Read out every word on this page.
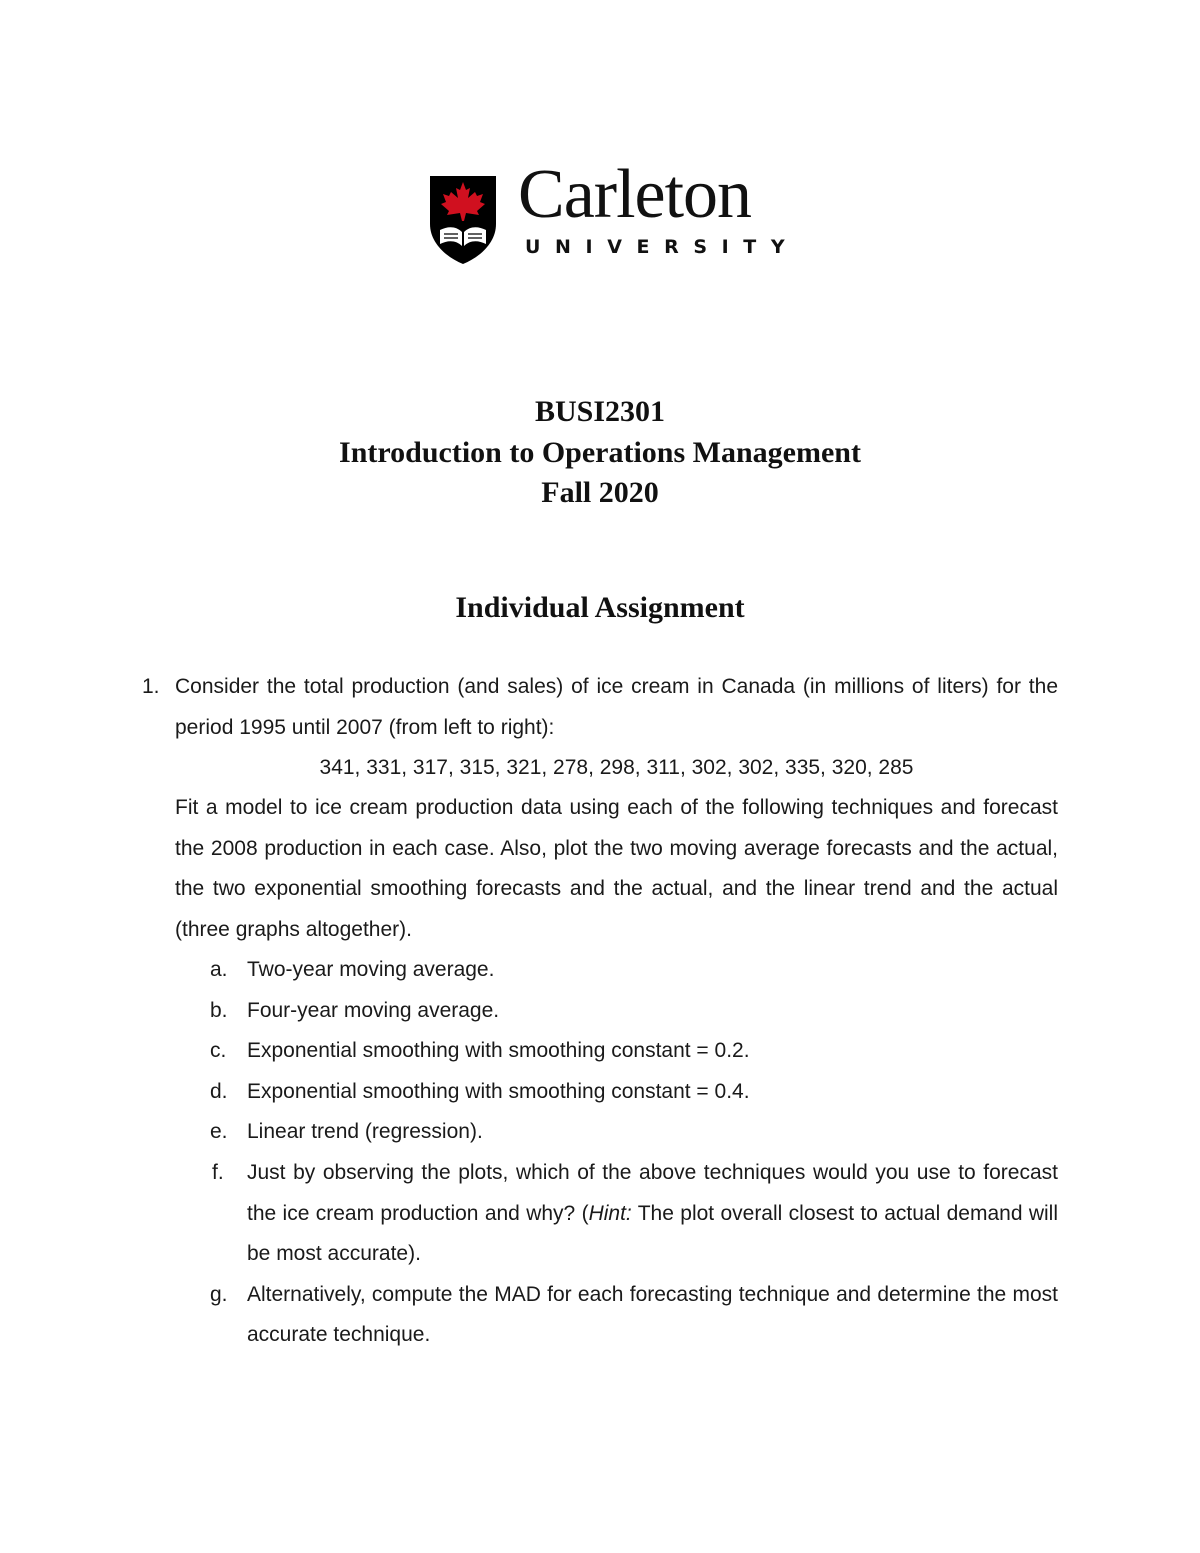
Carleton
UNIVERSITY
BUSI2301
Introduction to Operations Management
Fall 2020
Individual Assignment
1. Consider the total production (and sales) of ice cream in Canada (in millions of liters) for the period 1995 until 2007 (from left to right):

341, 331, 317, 315, 321, 278, 298, 311, 302, 302, 335, 320, 285

Fit a model to ice cream production data using each of the following techniques and forecast the 2008 production in each case. Also, plot the two moving average forecasts and the actual, the two exponential smoothing forecasts and the actual, and the linear trend and the actual (three graphs altogether).

a. Two-year moving average.
b. Four-year moving average.
c. Exponential smoothing with smoothing constant = 0.2.
d. Exponential smoothing with smoothing constant = 0.4.
e. Linear trend (regression).
f. Just by observing the plots, which of the above techniques would you use to forecast the ice cream production and why? (Hint: The plot overall closest to actual demand will be most accurate).
g. Alternatively, compute the MAD for each forecasting technique and determine the most accurate technique.
